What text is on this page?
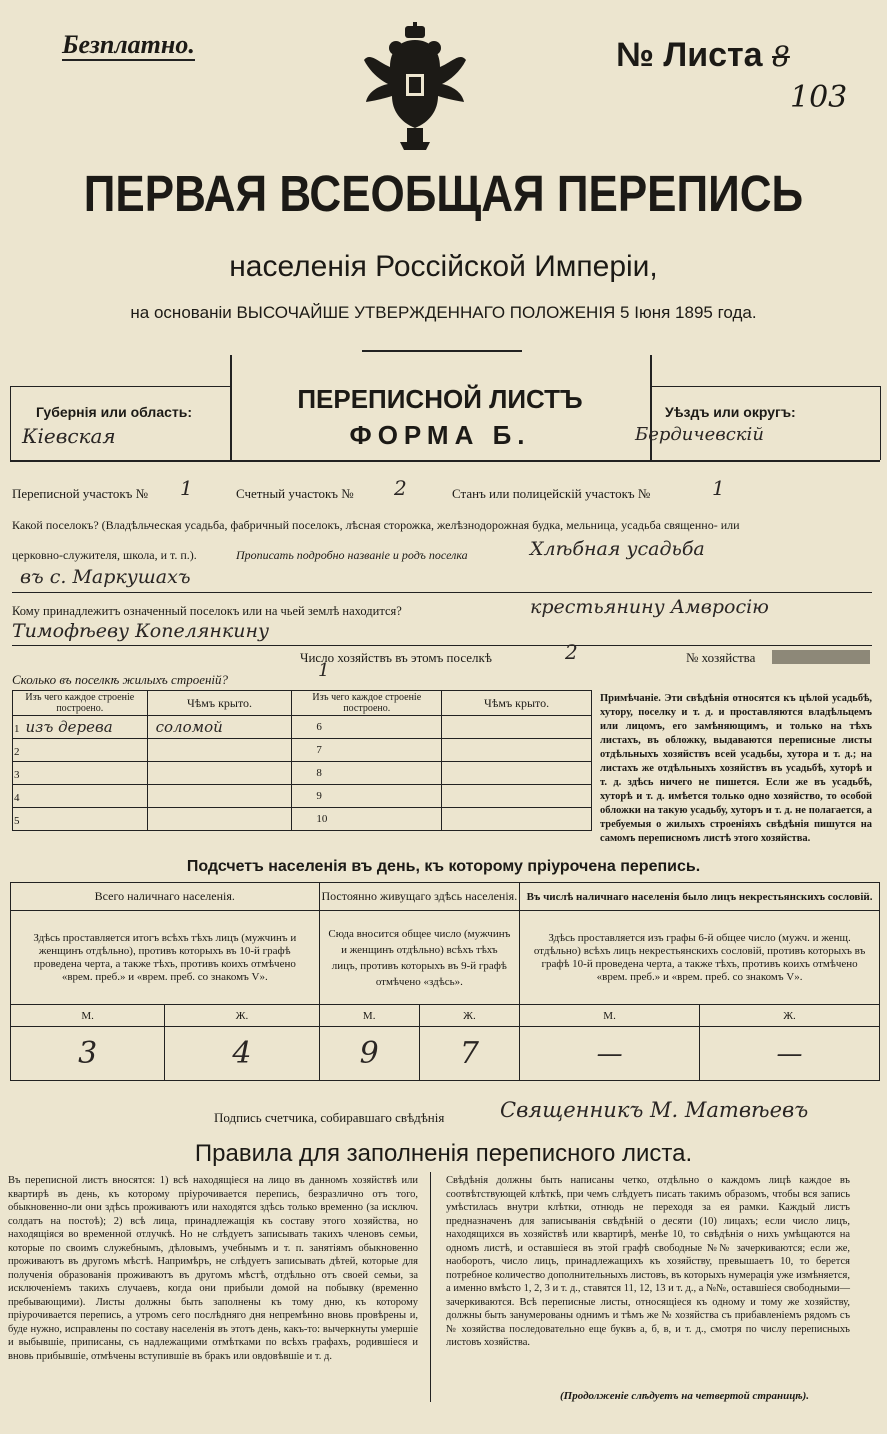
Безплатно.	№ Листа 8
103
ПЕРВАЯ ВСЕОБЩАЯ ПЕРЕПИСЬ
населенія Россійской Имперіи,
на основаніи ВЫСОЧАЙШЕ УТВЕРЖДЕННАГО ПОЛОЖЕНІЯ 5 Іюня 1895 года.
ПЕРЕПИСНОЙ ЛИСТЪ
ФОРМА Б.
Губернія или область:
Кіевская
Уѣздъ или округъ:
Бердичевскій
Переписной участокъ № 1	Счетный участокъ № 2	Станъ или полицейскій участокъ №	1
Какой поселокъ? (Владѣльческая усадьба, фабричный поселокъ, лѣсная сторожка, желѣзнодорожная будка, мельница, усадьба священно- или
церковно-служителя, школа, и т. п.).	Прописать подробно названіе и родъ поселка	Хлѣбная усадьба
въ с. Маркушахъ
Кому принадлежитъ означенный поселокъ или на чьей землѣ находится?	крестьянину Амвросію
Тимофѣеву Копелянкину
Число хозяйствъ въ этомъ поселкѣ	2	№ хозяйства
Сколько въ поселкѣ жилыхъ строеній?	1
Изъ чего каждое строеніе построено.	Чѣмъ крыто.	Изъ чего каждое строеніе построено.	Чѣмъ крыто.
1 изъ дерева	соломой	6	
2		7	
3		8	
4		9	
5		10	
Примѣчаніе. Эти свѣдѣнія относятся къ цѣлой усадьбѣ, хутору, поселку и т. д. и проставляются владѣльцемъ или лицомъ, его замѣняющимъ, и только на тѣхъ листахъ, въ обложку, выдаваются переписные листы отдѣльныхъ хозяйствъ всей усадьбы, хутора и т. д.; на листахъ же отдѣльныхъ хозяйствъ въ усадьбѣ, хуторѣ и т. д. здѣсь ничего не пишется. Если же въ усадьбѣ, хуторѣ и т. д. имѣется только одно хозяйство, то особой обложки на такую усадьбу, хуторъ и т. д. не полагается, а требуемыя о жилыхъ строеніяхъ свѣдѣнія пишутся на самомъ переписномъ листѣ этого хозяйства.
Подсчетъ населенія въ день, къ которому пріурочена перепись.
Всего наличнаго населенія.		Постоянно живущаго здѣсь населенія.		Въ числѣ наличнаго населенія было лицъ некрестьянскихъ сословій.	
Здѣсь проставляется итогъ всѣхъ тѣхъ лицъ (мужчинъ и женщинъ отдѣльно), противъ которыхъ въ 10-й графѣ проведена черта, а также тѣхъ, противъ коихъ отмѣчено «врем. преб.» и «врем. преб. со знакомъ V».		Сюда вносится общее число (мужчинъ и женщинъ отдѣльно) всѣхъ тѣхъ лицъ, противъ которыхъ въ 9-й графѣ отмѣчено «здѣсь».		Здѣсь проставляется изъ графы 6-й общее число (мужч. и женщ. отдѣльно) всѣхъ лицъ некрестьянскихъ сословій, противъ которыхъ въ графѣ 10-й проведена черта, а также тѣхъ, противъ коихъ отмѣчено «врем. преб.» и «врем. преб. со знакомъ V».	
М.	Ж.	М.	Ж.	М.	Ж.
3	4	9	7	—	—
Подпись счетчика, собиравшаго свѣдѣнія	Священникъ М. Матвѣевъ
Правила для заполненія переписного листа.
Въ переписной листъ вносятся: 1) всѣ находящіеся на лицо въ данномъ хозяйствѣ или квартирѣ въ день, къ которому пріурочивается перепись, безразлично отъ того, обыкновенно-ли они здѣсь проживаютъ или находятся здѣсь только временно (за исключ. солдатъ на постоѣ); 2) всѣ лица, принадлежащія къ составу этого хозяйства, но находящіяся во временной отлучкѣ. Но не слѣдуетъ записывать такихъ членовъ семьи, которые по своимъ служебнымъ, дѣловымъ, учебнымъ и т. п. занятіямъ обыкновенно проживаютъ въ другомъ мѣстѣ. Напримѣръ, не слѣдуетъ записывать дѣтей, которые для полученія образованія проживаютъ въ другомъ мѣстѣ, отдѣльно отъ своей семьи, за исключеніемъ такихъ случаевъ, когда они прибыли домой на побывку (временно пребывающими). Листы должны быть заполнены къ тому дню, къ которому пріурочивается перепись, а утромъ сего послѣдняго дня непремѣнно вновь провѣрены и, буде нужно, исправлены по составу населенія въ этотъ день, какъ-то: вычеркнуты умершіе и выбывшіе, приписаны, съ надлежащими отмѣтками по всѣхъ графахъ, родившіеся и вновь прибывшіе, отмѣчены вступившіе въ бракъ или овдовѣвшіе и т. д.
Свѣдѣнія должны быть написаны четко, отдѣльно о каждомъ лицѣ каждое въ соотвѣтствующей клѣткѣ, при чемъ слѣдуетъ писать такимъ образомъ, чтобы вся запись умѣстилась внутри клѣтки, отнюдь не переходя за ея рамки. Каждый листъ предназначенъ для записыванія свѣдѣній о десяти (10) лицахъ; если число лицъ, находящихся въ хозяйствѣ или квартирѣ, менѣе 10, то свѣдѣнія о нихъ умѣщаются на одномъ листѣ, и оставшіеся въ этой графѣ свободные №№ зачеркиваются; если же, наоборотъ, число лицъ, принадлежащихъ къ хозяйству, превышаетъ 10, то берется потребное количество дополнительныхъ листовъ, въ которыхъ нумерація уже измѣняется, а именно вмѣсто 1, 2, 3 и т. д., ставятся 11, 12, 13 и т. д., а №№, оставшіеся свободными—зачеркиваются. Всѣ переписные листы, относящіеся къ одному и тому же хозяйству, должны быть занумерованы однимъ и тѣмъ же № хозяйства съ прибавленіемъ рядомъ съ № хозяйства последовательно еще буквъ а, б, в, и т. д., смотря по числу переписныхъ листовъ хозяйства.
(Продолженіе слѣдуетъ на четвертой страницѣ).
